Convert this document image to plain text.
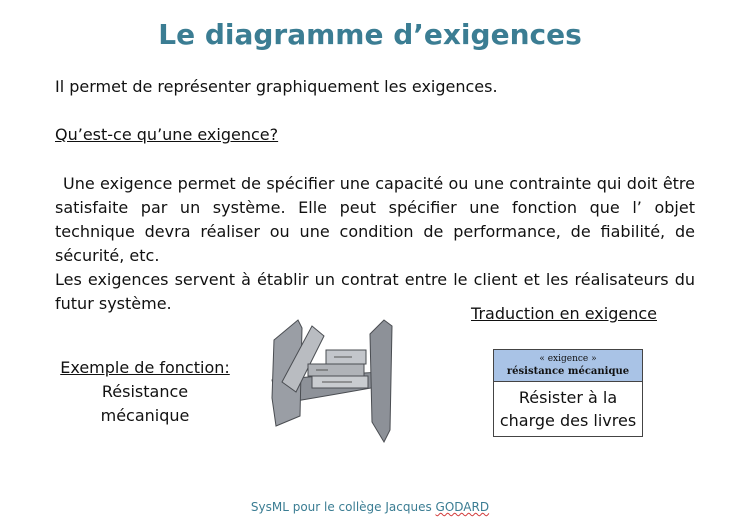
Le diagramme d’exigences
Il permet de représenter graphiquement les exigences.
Qu’est-ce qu’une exigence?

Une exigence permet de spécifier une capacité ou une contrainte qui doit être satisfaite par un système. Elle peut spécifier une fonction que l’ objet technique devra réaliser ou une condition de performance, de fiabilité, de sécurité, etc.

Les exigences servent à établir un contrat entre le client et les réalisateurs du futur système.

Exemple de fonction:
Résistance
mécanique
Traduction en exigence
« exigence »
résistance mécanique
Résister à la
charge des livres
SysML pour le collège Jacques GODARD
